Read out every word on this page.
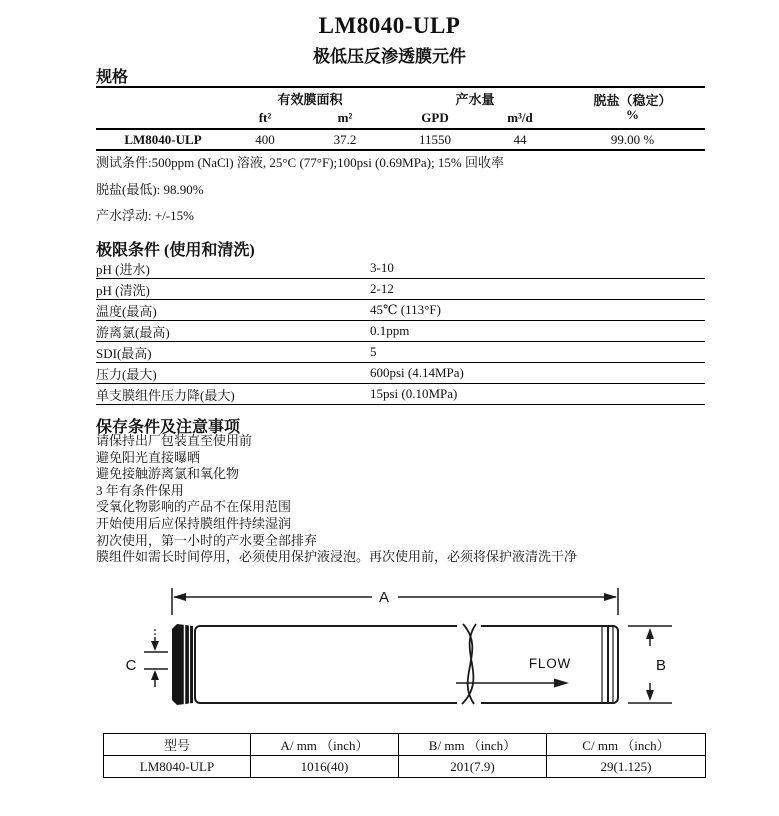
LM8040-ULP
极低压反渗透膜元件
规格
有效膜面积	产水量	脱盐（稳定）
%
ft²	m²	GPD	m³/d
LM8040-ULP	400	37.2	11550	44	99.00 %
测试条件:500ppm (NaCl) 溶液, 25°C (77°F);100psi (0.69MPa); 15% 回收率
脱盐(最低): 98.90%
产水浮动: +/-15%
极限条件 (使用和清洗)
pH (进水)	3-10
pH (清洗)	2-12
温度(最高)	45℃ (113°F)
游离氯(最高)	0.1ppm
SDI(最高)	5
压力(最大)	600psi (4.14MPa)
单支膜组件压力降(最大)	15psi (0.10MPa)
保存条件及注意事项
请保持出厂包装直至使用前
避免阳光直接曝晒
避免接触游离氯和氧化物
3 年有条件保用
受氧化物影响的产品不在保用范围
开始使用后应保持膜组件持续湿润
初次使用，第一小时的产水要全部排弃
膜组件如需长时间停用，必须使用保护液浸泡。再次使用前，必须将保护液清洗干净
A
FLOW	B
C
型号	A/ mm （inch）	B/ mm （inch）	C/ mm （inch）
LM8040-ULP	1016(40)	201(7.9)	29(1.125)
